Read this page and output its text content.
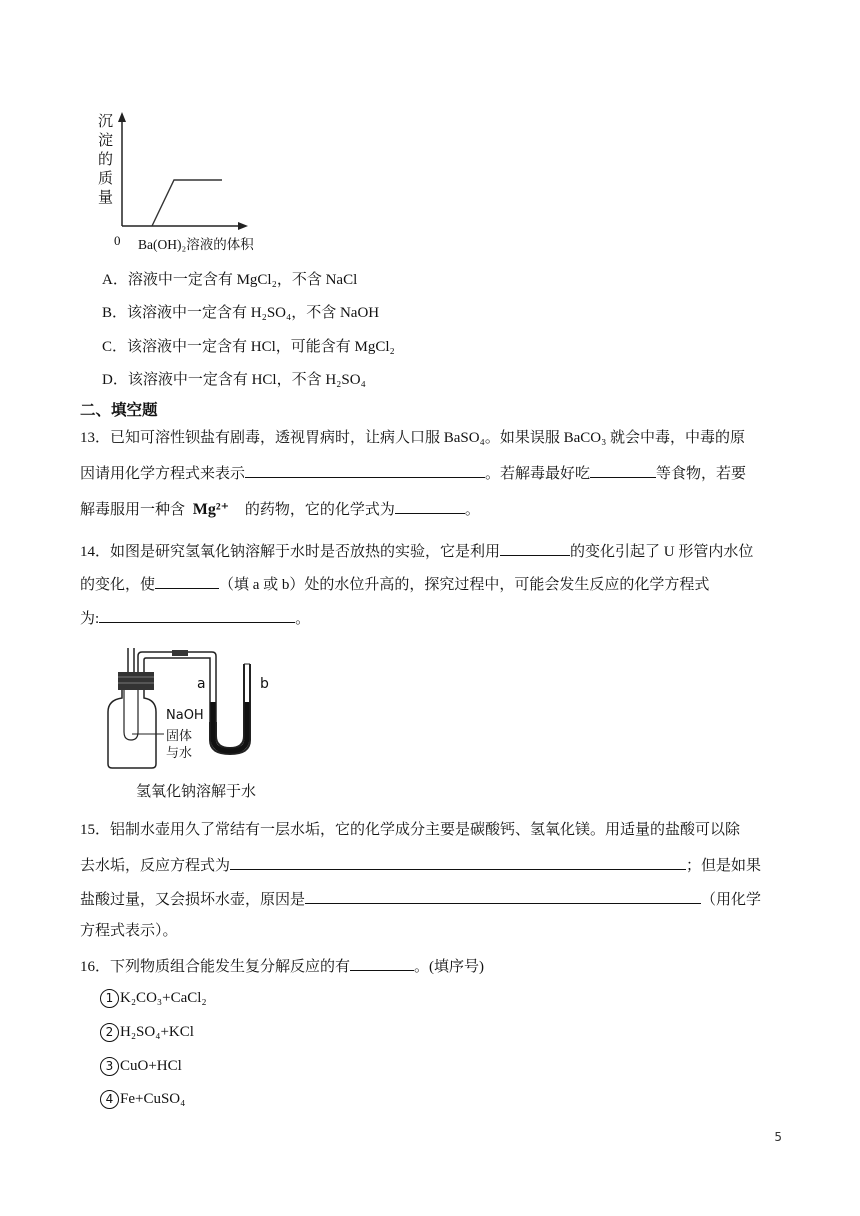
沉
淀
的
质
量
0 Ba(OH)₂溶液的体积
A．溶液中一定含有 MgCl₂，不含 NaCl
B．该溶液中一定含有 H₂SO₄，不含 NaOH
C．该溶液中一定含有 HCl，可能含有 MgCl₂
D．该溶液中一定含有 HCl，不含 H₂SO₄
二、填空题
13．已知可溶性钡盐有剧毒，透视胃病时，让病人口服 BaSO₄。如果误服 BaCO₃ 就会中毒，中毒的原
因请用化学方程式来表示	。若解毒最好吃	等食物，若要
解毒服用一种含 Mg²⁺ 的药物，它的化学式为	。
14．如图是研究氢氧化钠溶解于水时是否放热的实验，它是利用	的变化引起了 U 形管内水位
的变化，使	（填 a 或 b）处的水位升高的，探究过程中，可能会发生反应的化学方程式
为:	。
a	b
NaOH
固体
与水
氢氧化钠溶解于水
15．铝制水壶用久了常结有一层水垢，它的化学成分主要是碳酸钙、氢氧化镁。用适量的盐酸可以除
去水垢，反应方程式为	；但是如果
盐酸过量，又会损坏水壶，原因是	（用化学
方程式表示）。
16．下列物质组合能发生复分解反应的有	。(填序号)
1 K₂CO₃+CaCl₂
2 H₂SO₄+KCl
3 CuO+HCl
4 Fe+CuSO₄
5
